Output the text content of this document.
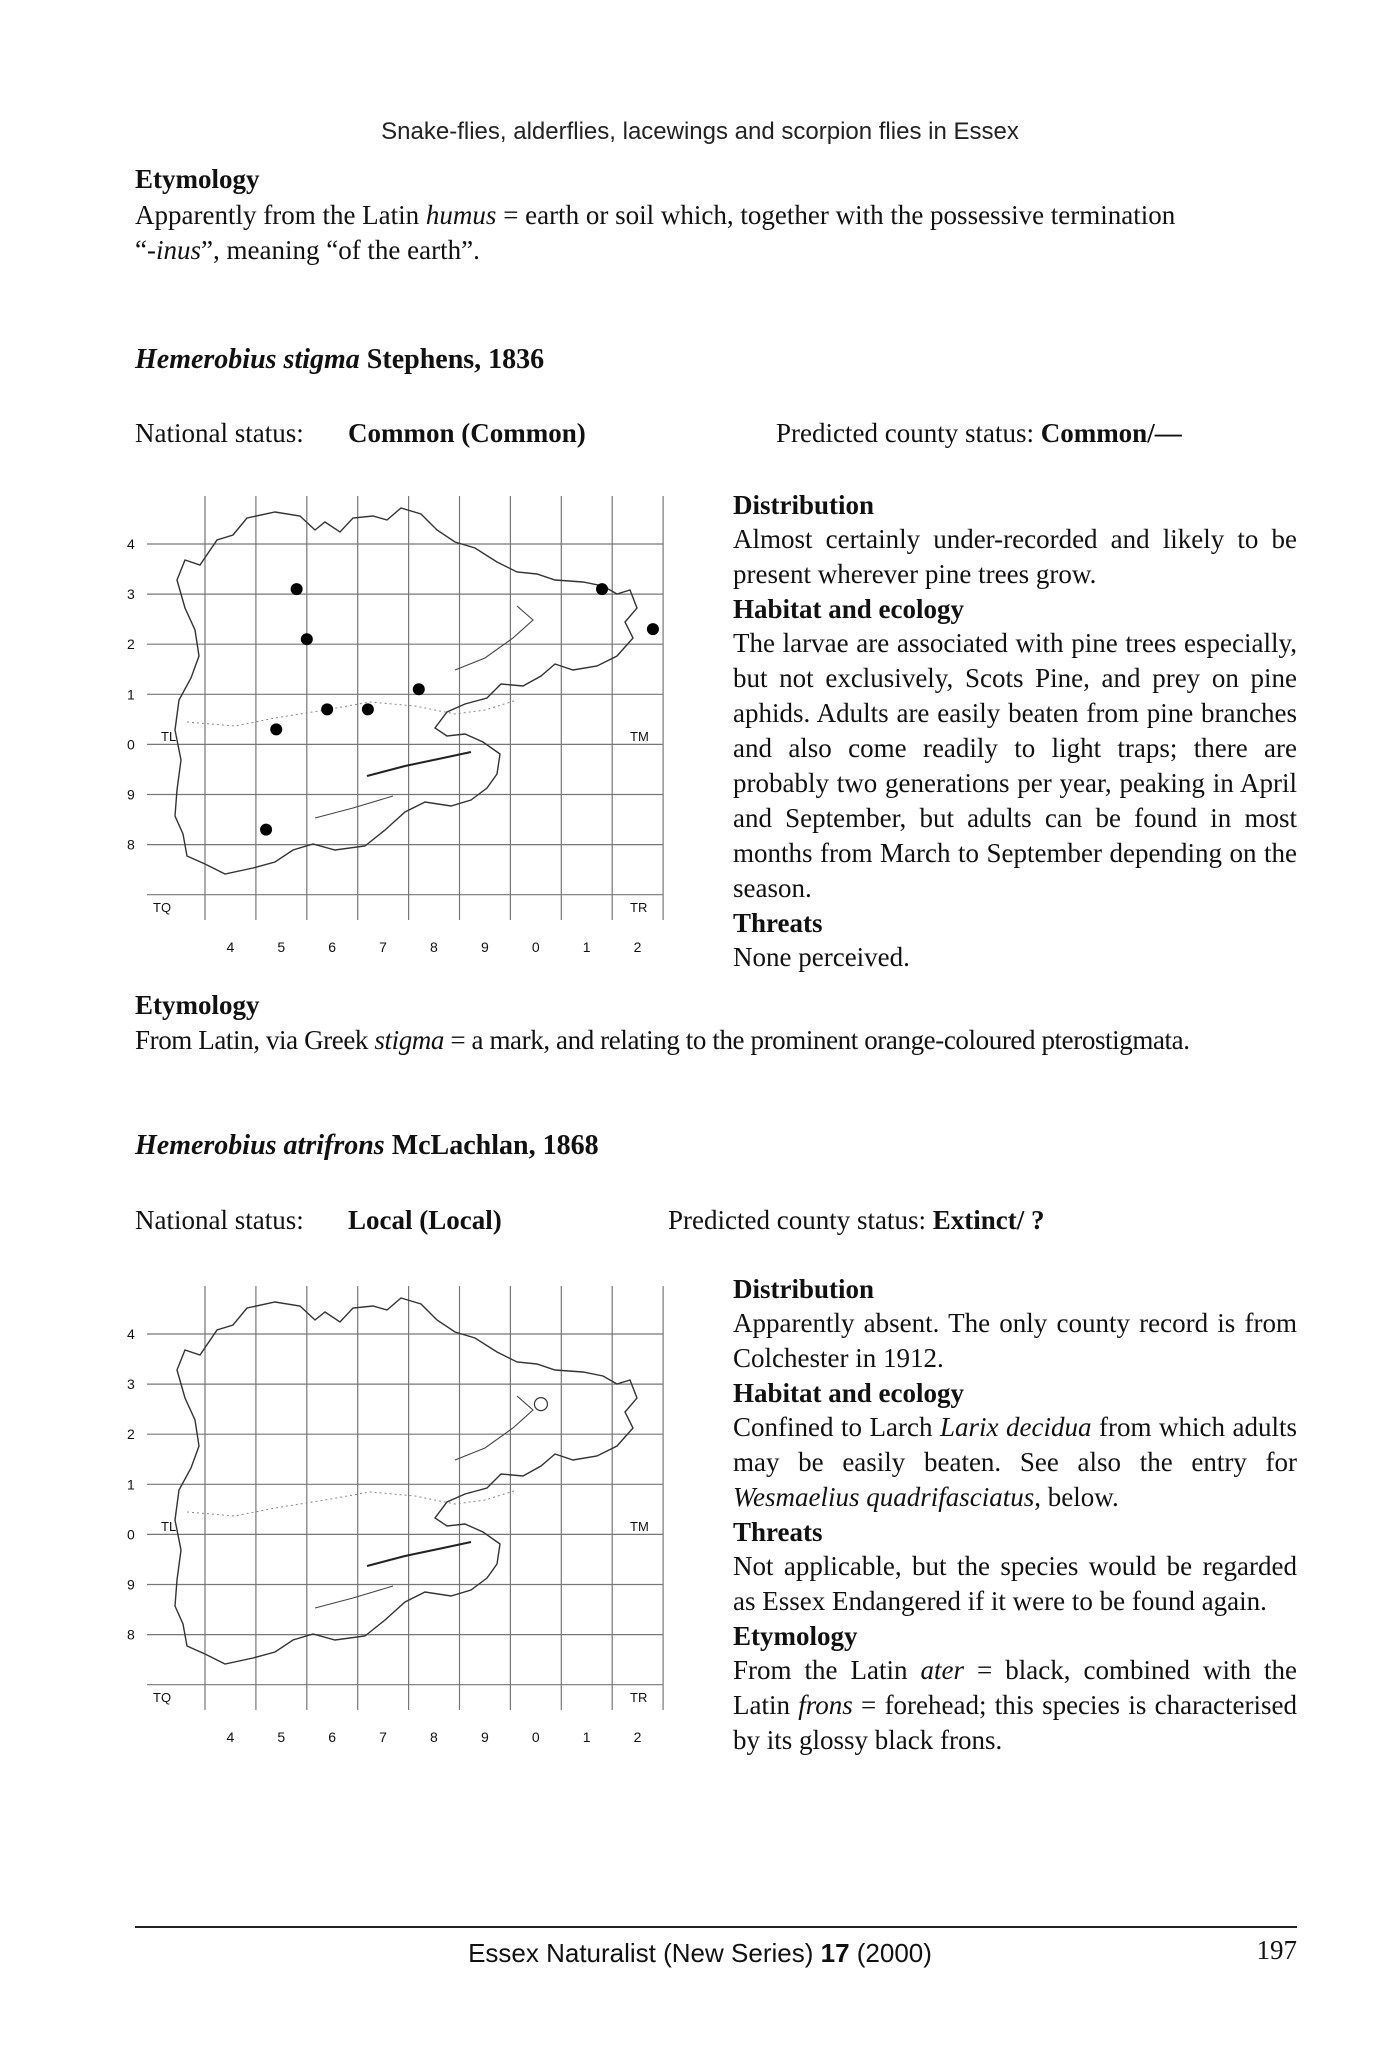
Snake-flies, alderflies, lacewings and scorpion flies in Essex
Etymology
Apparently from the Latin humus = earth or soil which, together with the possessive termination
“-inus”, meaning “of the earth”.
Hemerobius stigma Stephens, 1836
National status: Common (Common)	Predicted county status: Common/—
4
3
2
1
0
9
8
4	5	6	7	8	9	0	1	2
TL	TM
TQ	TR
Distribution

Almost certainly under-recorded and likely to be present wherever pine trees grow.

Habitat and ecology

The larvae are associated with pine trees especially, but not exclusively, Scots Pine, and prey on pine aphids. Adults are easily beaten from pine branches and also come readily to light traps; there are probably two generations per year, peaking in April and September, but adults can be found in most months from March to September depending on the season.

Threats

None perceived.

Etymology
From Latin, via Greek stigma = a mark, and relating to the prominent orange-coloured pterostigmata.
Hemerobius atrifrons McLachlan, 1868
National status: Local (Local)	Predicted county status: Extinct/ ?
4
3
2
1
0
9
8
4	5	6	7	8	9	0	1	2
TL	TM
TQ	TR
Distribution

Apparently absent. The only county record is from Colchester in 1912.

Habitat and ecology

Confined to Larch Larix decidua from which adults may be easily beaten. See also the entry for Wesmaelius quadrifasciatus, below.

Threats

Not applicable, but the species would be regarded as Essex Endangered if it were to be found again.

Etymology

From the Latin ater = black, combined with the Latin frons = forehead; this species is characterised by its glossy black frons.

Essex Naturalist (New Series) 17 (2000)	197
